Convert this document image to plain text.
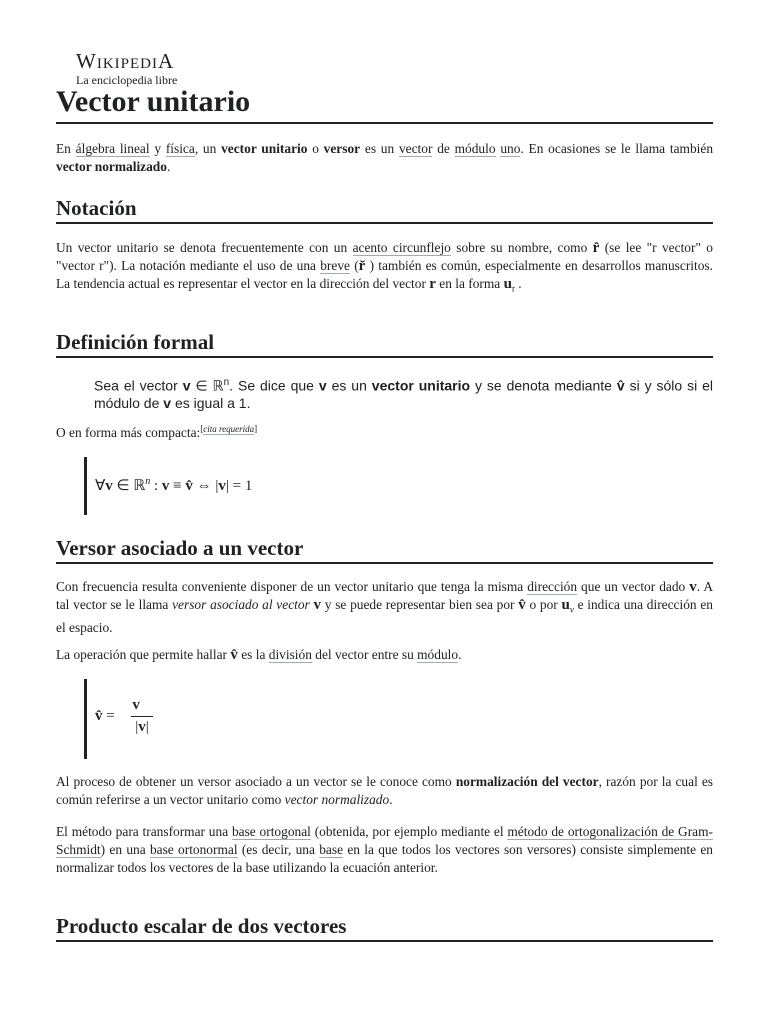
WikipediA
La enciclopedia libre
Vector unitario

En álgebra lineal y física, un vector unitario o versor es un vector de módulo uno. En ocasiones se le llama también vector normalizado.

Notación

Un vector unitario se denota frecuentemente con un acento circunflejo sobre su nombre, como r̂ (se lee "r vector" o "vector r"). La notación mediante el uso de una breve (r̆ ) también es común, especialmente en desarrollos manuscritos. La tendencia actual es representar el vector en la dirección del vector r en la forma $u_r$ .

Definición formal
Sea el vector v ∈ ℝ$^n$. Se dice que v es un vector unitario y se denota mediante v̂ si y sólo si el módulo de v es igual a 1.

O en forma más compacta:[cita requerida]

∀v ∈ ℝ$^n$ : v ≡ v̂ ⇔ |v| = 1
Versor asociado a un vector

Con frecuencia resulta conveniente disponer de un vector unitario que tenga la misma dirección que un vector dado v. A tal vector se le llama versor asociado al vector v y se puede representar bien sea por v̂ o por $u_v$ e indica una dirección en el espacio.

La operación que permite hallar v̂ es la división del vector entre su módulo.

v̂ = $\frac{v⃗}{|v|}$

Al proceso de obtener un versor asociado a un vector se le conoce como normalización del vector, razón por la cual es común referirse a un vector unitario como vector normalizado.

El método para transformar una base ortogonal (obtenida, por ejemplo mediante el método de ortogonalización de Gram-Schmidt) en una base ortonormal (es decir, una base en la que todos los vectores son versores) consiste simplemente en normalizar todos los vectores de la base utilizando la ecuación anterior.

Producto escalar de dos vectores
